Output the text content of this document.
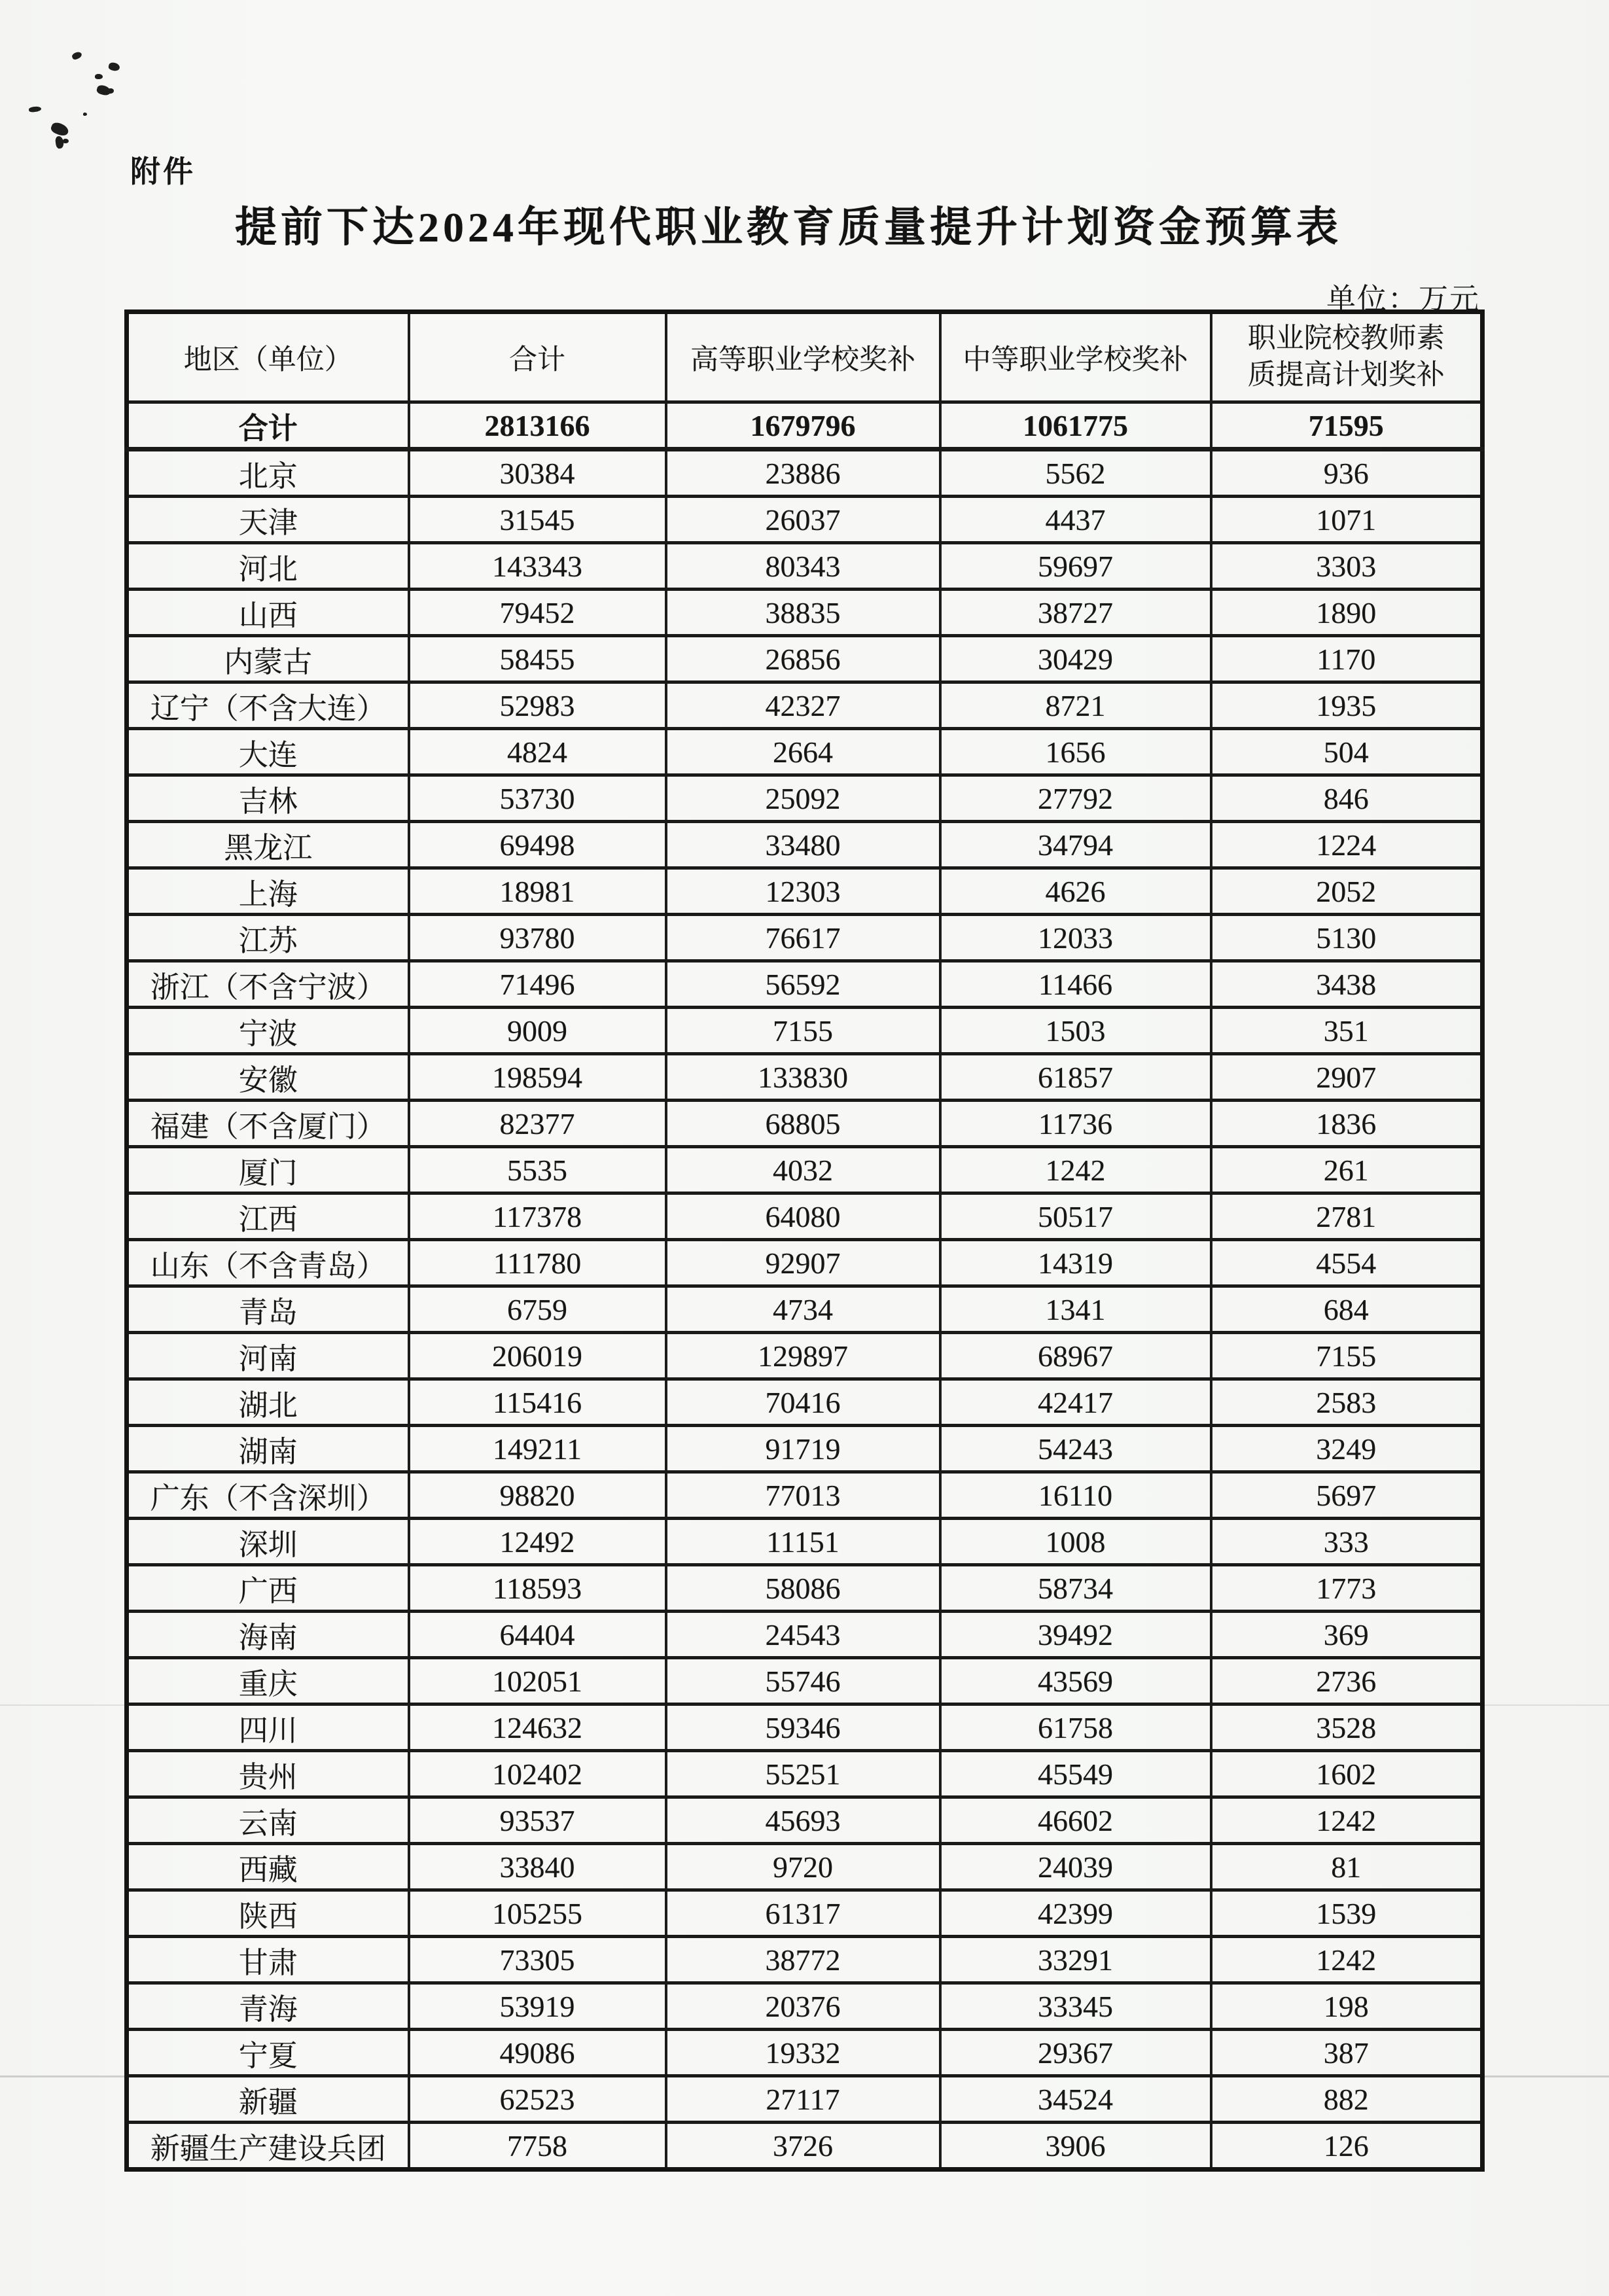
附件
提前下达2024年现代职业教育质量提升计划资金预算表
单位：万元
地区（单位）	合计	高等职业学校奖补	中等职业学校奖补	职业院校教师素质提高计划奖补
合计	2813166	1679796	1061775	71595
北京	30384	23886	5562	936
天津	31545	26037	4437	1071
河北	143343	80343	59697	3303
山西	79452	38835	38727	1890
内蒙古	58455	26856	30429	1170
辽宁（不含大连）	52983	42327	8721	1935
大连	4824	2664	1656	504
吉林	53730	25092	27792	846
黑龙江	69498	33480	34794	1224
上海	18981	12303	4626	2052
江苏	93780	76617	12033	5130
浙江（不含宁波）	71496	56592	11466	3438
宁波	9009	7155	1503	351
安徽	198594	133830	61857	2907
福建（不含厦门）	82377	68805	11736	1836
厦门	5535	4032	1242	261
江西	117378	64080	50517	2781
山东（不含青岛）	111780	92907	14319	4554
青岛	6759	4734	1341	684
河南	206019	129897	68967	7155
湖北	115416	70416	42417	2583
湖南	149211	91719	54243	3249
广东（不含深圳）	98820	77013	16110	5697
深圳	12492	11151	1008	333
广西	118593	58086	58734	1773
海南	64404	24543	39492	369
重庆	102051	55746	43569	2736
四川	124632	59346	61758	3528
贵州	102402	55251	45549	1602
云南	93537	45693	46602	1242
西藏	33840	9720	24039	81
陕西	105255	61317	42399	1539
甘肃	73305	38772	33291	1242
青海	53919	20376	33345	198
宁夏	49086	19332	29367	387
新疆	62523	27117	34524	882
新疆生产建设兵团	7758	3726	3906	126
